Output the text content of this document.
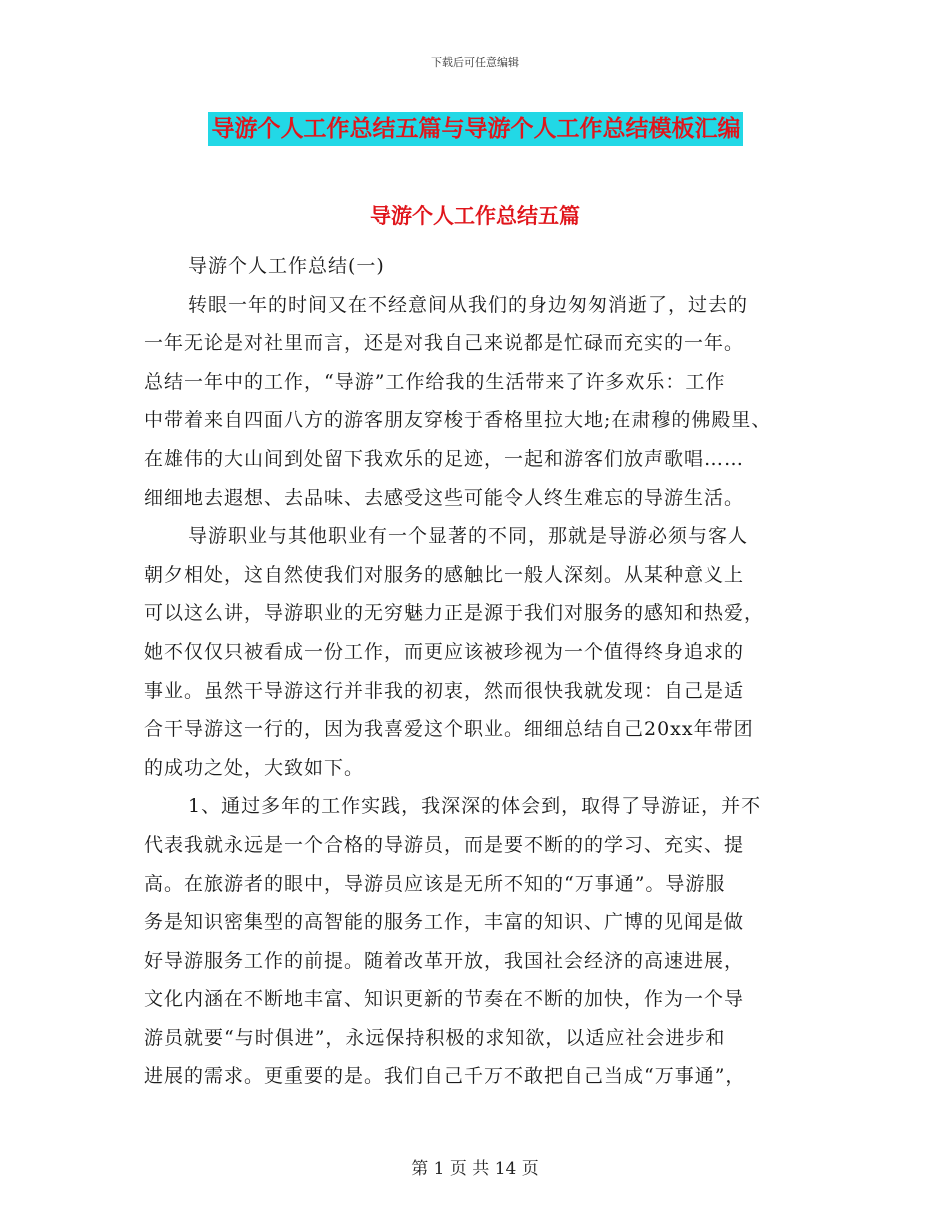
下载后可任意编辑
导游个人工作总结五篇与导游个人工作总结模板汇编
导游个人工作总结五篇
导游个人工作总结(一)
转眼一年的时间又在不经意间从我们的身边匆匆消逝了，过去的
一年无论是对社里而言，还是对我自己来说都是忙碌而充实的一年。
总结一年中的工作，“导游”工作给我的生活带来了许多欢乐：工作
中带着来自四面八方的游客朋友穿梭于香格里拉大地;在肃穆的佛殿里、
在雄伟的大山间到处留下我欢乐的足迹，一起和游客们放声歌唱……
细细地去遐想、去品味、去感受这些可能令人终生难忘的导游生活。
导游职业与其他职业有一个显著的不同，那就是导游必须与客人
朝夕相处，这自然使我们对服务的感触比一般人深刻。从某种意义上
可以这么讲，导游职业的无穷魅力正是源于我们对服务的感知和热爱，
她不仅仅只被看成一份工作，而更应该被珍视为一个值得终身追求的
事业。虽然干导游这行并非我的初衷，然而很快我就发现：自己是适
合干导游这一行的，因为我喜爱这个职业。细细总结自己20xx年带团
的成功之处，大致如下。
1、通过多年的工作实践，我深深的体会到，取得了导游证，并不
代表我就永远是一个合格的导游员，而是要不断的的学习、充实、提
高。在旅游者的眼中，导游员应该是无所不知的“万事通”。导游服
务是知识密集型的高智能的服务工作，丰富的知识、广博的见闻是做
好导游服务工作的前提。随着改革开放，我国社会经济的高速进展，
文化内涵在不断地丰富、知识更新的节奏在不断的加快，作为一个导
游员就要“与时俱进”，永远保持积极的求知欲，以适应社会进步和
进展的需求。更重要的是。我们自己千万不敢把自己当成“万事通”，
第 1 页 共 14 页
